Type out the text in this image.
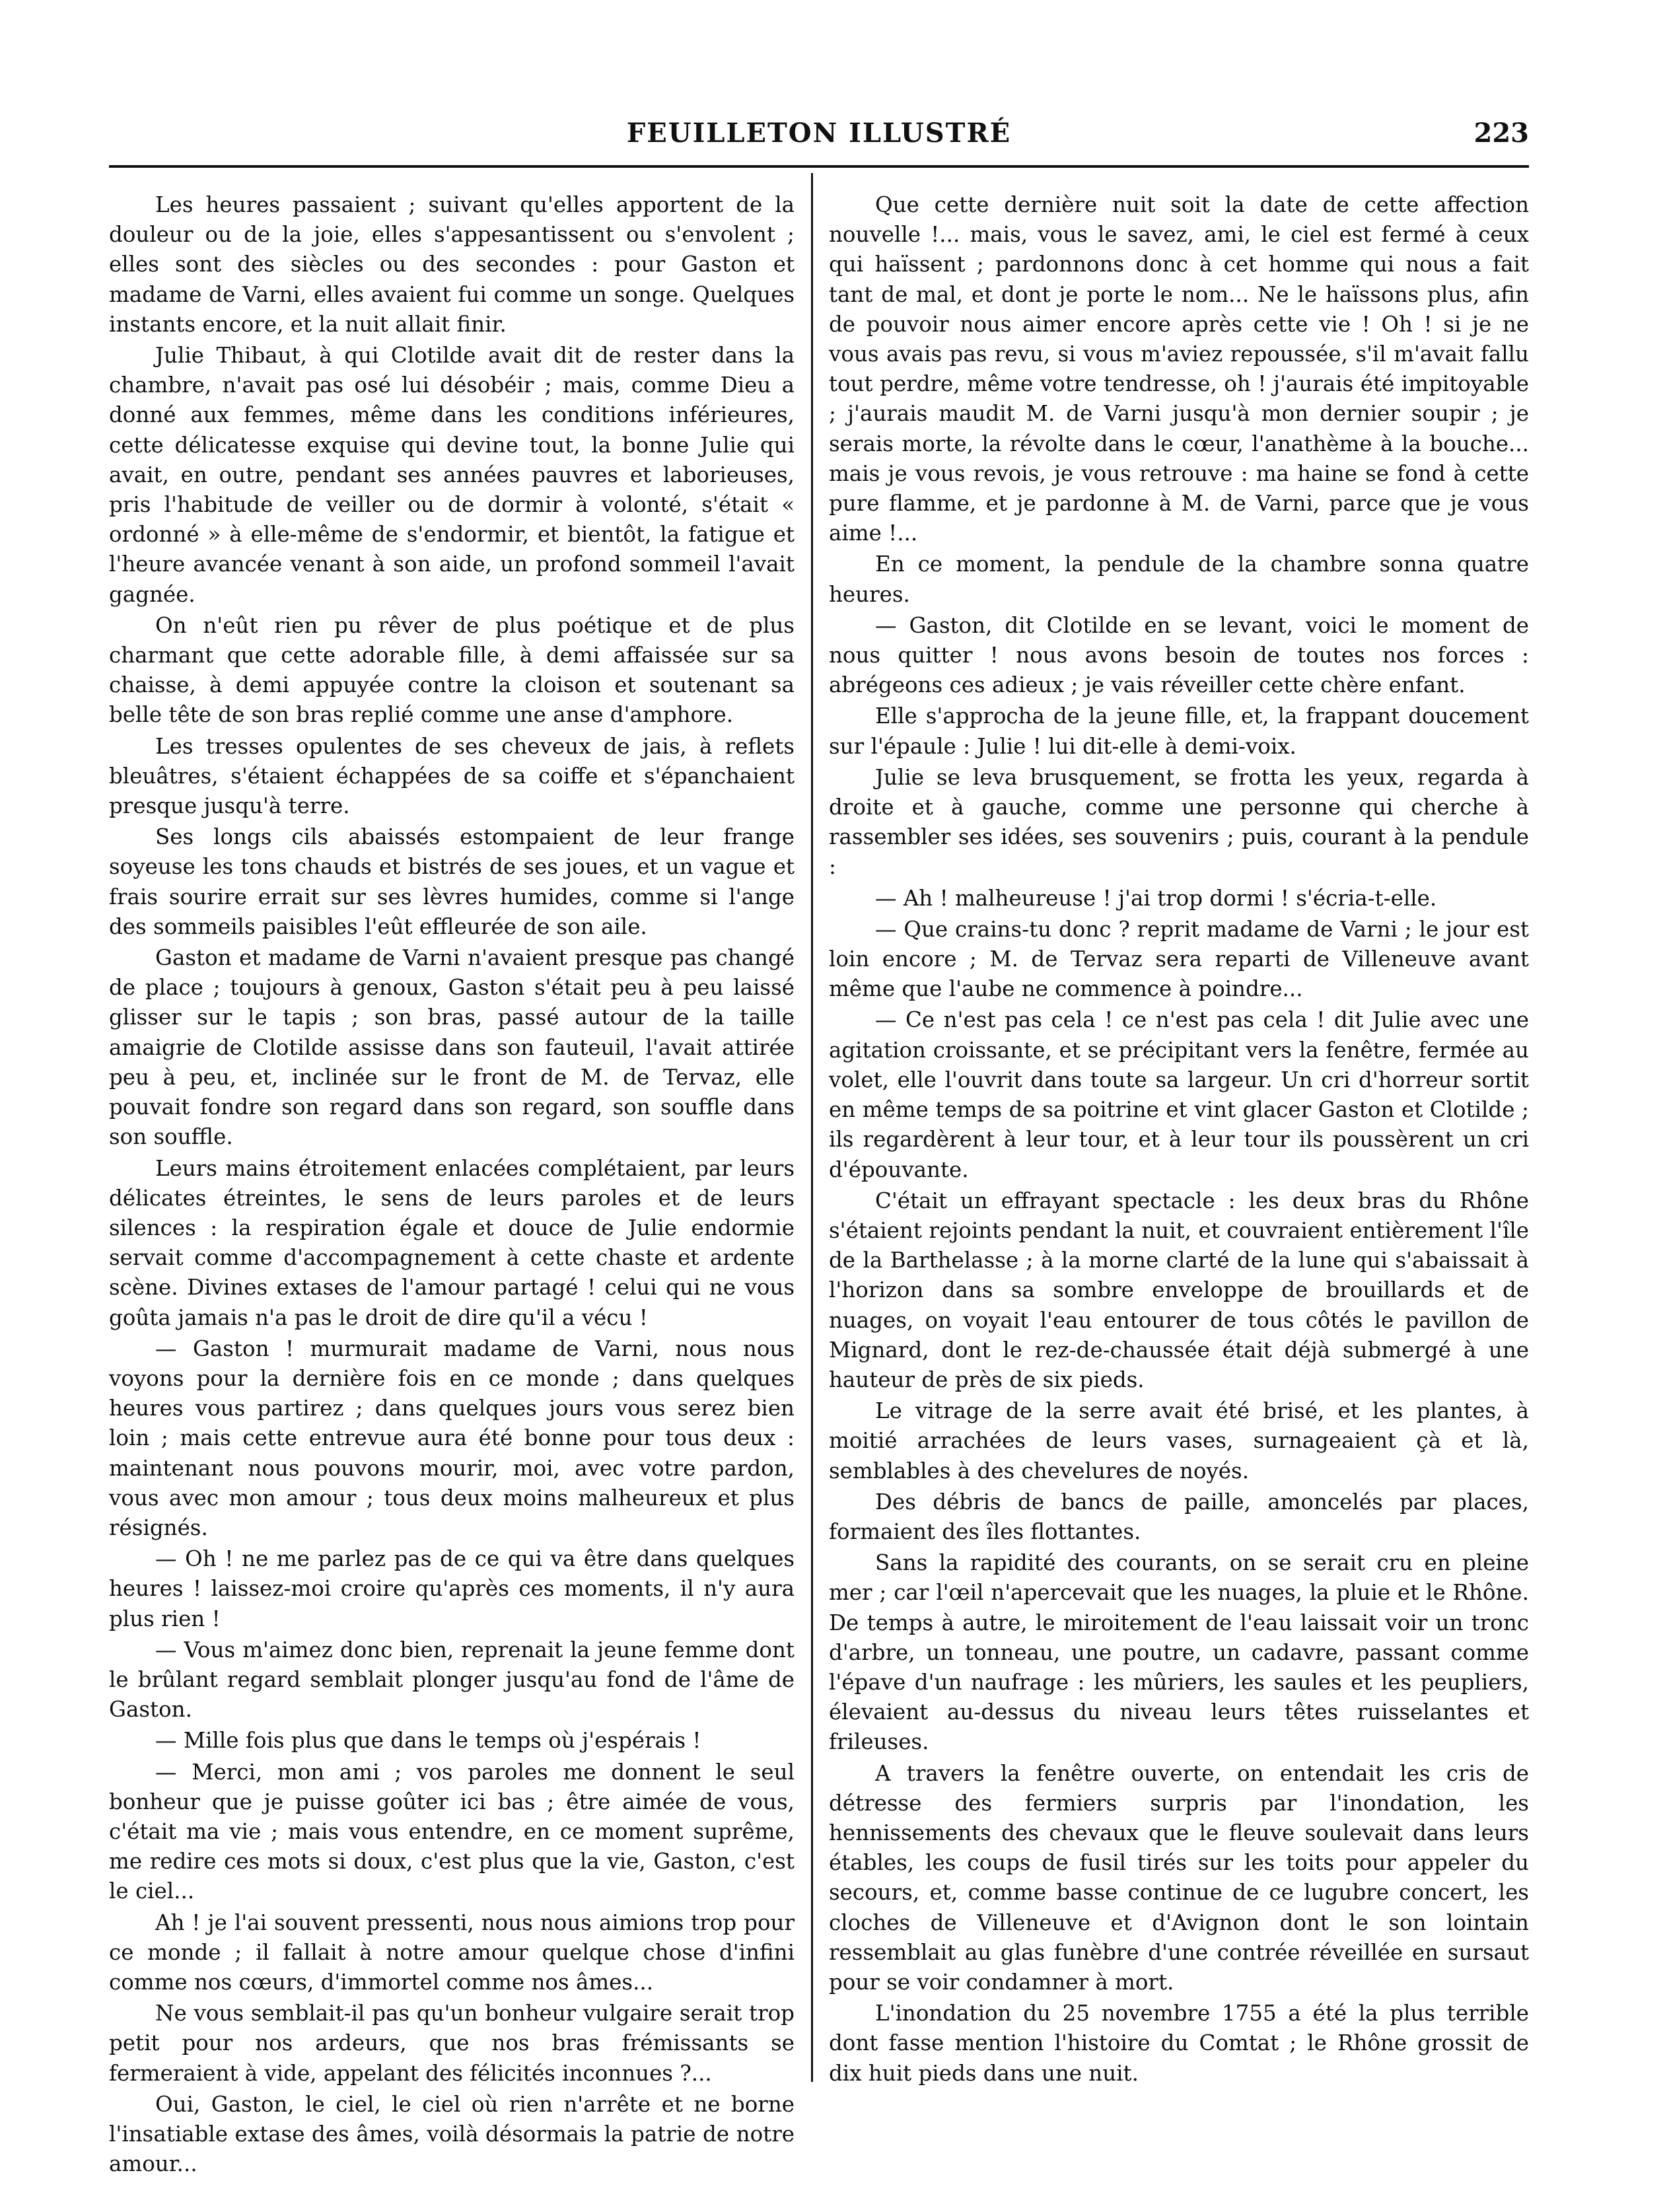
FEUILLETON ILLUSTRÉ	223

Les heures passaient ; suivant qu'elles apportent de la douleur ou de la joie, elles s'appesantissent ou s'envolent ; elles sont des siècles ou des secondes : pour Gaston et madame de Varni, elles avaient fui comme un songe. Quelques instants encore, et la nuit allait finir.

Julie Thibaut, à qui Clotilde avait dit de rester dans la chambre, n'avait pas osé lui désobéir ; mais, comme Dieu a donné aux femmes, même dans les conditions inférieures, cette délicatesse exquise qui devine tout, la bonne Julie qui avait, en outre, pendant ses années pauvres et laborieuses, pris l'habitude de veiller ou de dormir à volonté, s'était « ordonné » à elle-même de s'endormir, et bientôt, la fatigue et l'heure avancée venant à son aide, un profond sommeil l'avait gagnée.

On n'eût rien pu rêver de plus poétique et de plus charmant que cette adorable fille, à demi affaissée sur sa chaisse, à demi appuyée contre la cloison et soutenant sa belle tête de son bras replié comme une anse d'amphore.

Les tresses opulentes de ses cheveux de jais, à reflets bleuâtres, s'étaient échappées de sa coiffe et s'épanchaient presque jusqu'à terre.

Ses longs cils abaissés estompaient de leur frange soyeuse les tons chauds et bistrés de ses joues, et un vague et frais sourire errait sur ses lèvres humides, comme si l'ange des sommeils paisibles l'eût effleurée de son aile.

Gaston et madame de Varni n'avaient presque pas changé de place ; toujours à genoux, Gaston s'était peu à peu laissé glisser sur le tapis ; son bras, passé autour de la taille amaigrie de Clotilde assisse dans son fauteuil, l'avait attirée peu à peu, et, inclinée sur le front de M. de Tervaz, elle pouvait fondre son regard dans son regard, son souffle dans son souffle.

Leurs mains étroitement enlacées complétaient, par leurs délicates étreintes, le sens de leurs paroles et de leurs silences : la respiration égale et douce de Julie endormie servait comme d'accompagnement à cette chaste et ardente scène. Divines extases de l'amour partagé ! celui qui ne vous goûta jamais n'a pas le droit de dire qu'il a vécu !

— Gaston ! murmurait madame de Varni, nous nous voyons pour la dernière fois en ce monde ; dans quelques heures vous partirez ; dans quelques jours vous serez bien loin ; mais cette entrevue aura été bonne pour tous deux : maintenant nous pouvons mourir, moi, avec votre pardon, vous avec mon amour ; tous deux moins malheureux et plus résignés.

— Oh ! ne me parlez pas de ce qui va être dans quelques heures ! laissez-moi croire qu'après ces moments, il n'y aura plus rien !

— Vous m'aimez donc bien, reprenait la jeune femme dont le brûlant regard semblait plonger jusqu'au fond de l'âme de Gaston.

— Mille fois plus que dans le temps où j'espérais !

— Merci, mon ami ; vos paroles me donnent le seul bonheur que je puisse goûter ici bas ; être aimée de vous, c'était ma vie ; mais vous entendre, en ce moment suprême, me redire ces mots si doux, c'est plus que la vie, Gaston, c'est le ciel...

Ah ! je l'ai souvent pressenti, nous nous aimions trop pour ce monde ; il fallait à notre amour quelque chose d'infini comme nos cœurs, d'immortel comme nos âmes...

Ne vous semblait-il pas qu'un bonheur vulgaire serait trop petit pour nos ardeurs, que nos bras frémissants se fermeraient à vide, appelant des félicités inconnues ?...

Oui, Gaston, le ciel, le ciel où rien n'arrête et ne borne l'insatiable extase des âmes, voilà désormais la patrie de notre amour...

Que cette dernière nuit soit la date de cette affection nouvelle !... mais, vous le savez, ami, le ciel est fermé à ceux qui haïssent ; pardonnons donc à cet homme qui nous a fait tant de mal, et dont je porte le nom... Ne le haïssons plus, afin de pouvoir nous aimer encore après cette vie ! Oh ! si je ne vous avais pas revu, si vous m'aviez repoussée, s'il m'avait fallu tout perdre, même votre tendresse, oh ! j'aurais été impitoyable ; j'aurais maudit M. de Varni jusqu'à mon dernier soupir ; je serais morte, la révolte dans le cœur, l'anathème à la bouche... mais je vous revois, je vous retrouve : ma haine se fond à cette pure flamme, et je pardonne à M. de Varni, parce que je vous aime !...

En ce moment, la pendule de la chambre sonna quatre heures.

— Gaston, dit Clotilde en se levant, voici le moment de nous quitter ! nous avons besoin de toutes nos forces : abrégeons ces adieux ; je vais réveiller cette chère enfant.

Elle s'approcha de la jeune fille, et, la frappant doucement sur l'épaule : Julie ! lui dit-elle à demi-voix.

Julie se leva brusquement, se frotta les yeux, regarda à droite et à gauche, comme une personne qui cherche à rassembler ses idées, ses souvenirs ; puis, courant à la pendule :

— Ah ! malheureuse ! j'ai trop dormi ! s'écria-t-elle.

— Que crains-tu donc ? reprit madame de Varni ; le jour est loin encore ; M. de Tervaz sera reparti de Villeneuve avant même que l'aube ne commence à poindre...

— Ce n'est pas cela ! ce n'est pas cela ! dit Julie avec une agitation croissante, et se précipitant vers la fenêtre, fermée au volet, elle l'ouvrit dans toute sa largeur. Un cri d'horreur sortit en même temps de sa poitrine et vint glacer Gaston et Clotilde ; ils regardèrent à leur tour, et à leur tour ils poussèrent un cri d'épouvante.

C'était un effrayant spectacle : les deux bras du Rhône s'étaient rejoints pendant la nuit, et couvraient entièrement l'île de la Barthelasse ; à la morne clarté de la lune qui s'abaissait à l'horizon dans sa sombre enveloppe de brouillards et de nuages, on voyait l'eau entourer de tous côtés le pavillon de Mignard, dont le rez-de-chaussée était déjà submergé à une hauteur de près de six pieds.

Le vitrage de la serre avait été brisé, et les plantes, à moitié arrachées de leurs vases, surnageaient çà et là, semblables à des chevelures de noyés.

Des débris de bancs de paille, amoncelés par places, formaient des îles flottantes.

Sans la rapidité des courants, on se serait cru en pleine mer ; car l'œil n'apercevait que les nuages, la pluie et le Rhône. De temps à autre, le miroitement de l'eau laissait voir un tronc d'arbre, un tonneau, une poutre, un cadavre, passant comme l'épave d'un naufrage : les mûriers, les saules et les peupliers, élevaient au-dessus du niveau leurs têtes ruisselantes et frileuses.

A travers la fenêtre ouverte, on entendait les cris de détresse des fermiers surpris par l'inondation, les hennissements des chevaux que le fleuve soulevait dans leurs étables, les coups de fusil tirés sur les toits pour appeler du secours, et, comme basse continue de ce lugubre concert, les cloches de Villeneuve et d'Avignon dont le son lointain ressemblait au glas funèbre d'une contrée réveillée en sursaut pour se voir condamner à mort.

L'inondation du 25 novembre 1755 a été la plus terrible dont fasse mention l'histoire du Comtat ; le Rhône grossit de dix huit pieds dans une nuit.
